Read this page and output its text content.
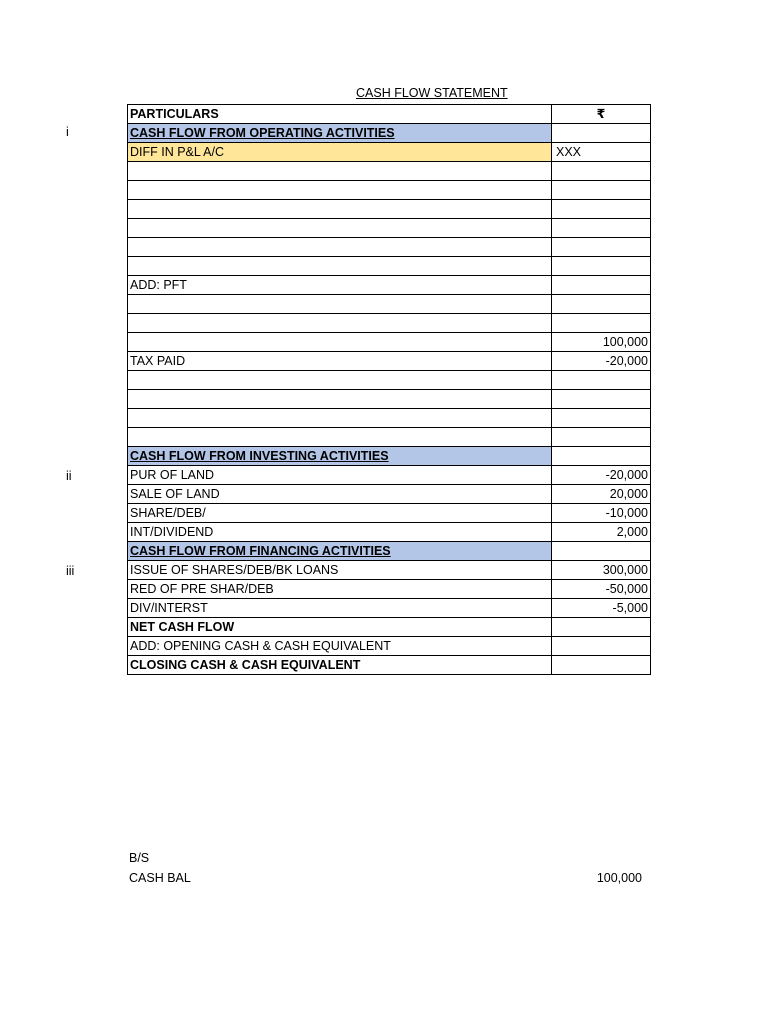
CASH FLOW STATEMENT
i
ii
iii
PARTICULARS	₹
CASH FLOW FROM OPERATING ACTIVITIES	
DIFF IN P&L A/C	XXX

ADD: PFT	

	100,000
TAX PAID	-20,000

CASH FLOW FROM INVESTING ACTIVITIES	
PUR OF LAND	-20,000
SALE OF LAND	20,000
SHARE/DEB/	-10,000
INT/DIVIDEND	2,000
CASH FLOW FROM FINANCING ACTIVITIES	
ISSUE OF SHARES/DEB/BK LOANS	300,000
RED OF PRE SHAR/DEB	-50,000
DIV/INTERST	-5,000
NET CASH FLOW	
ADD: OPENING CASH & CASH EQUIVALENT	
CLOSING CASH & CASH EQUIVALENT	
B/S
CASH BAL	100,000
